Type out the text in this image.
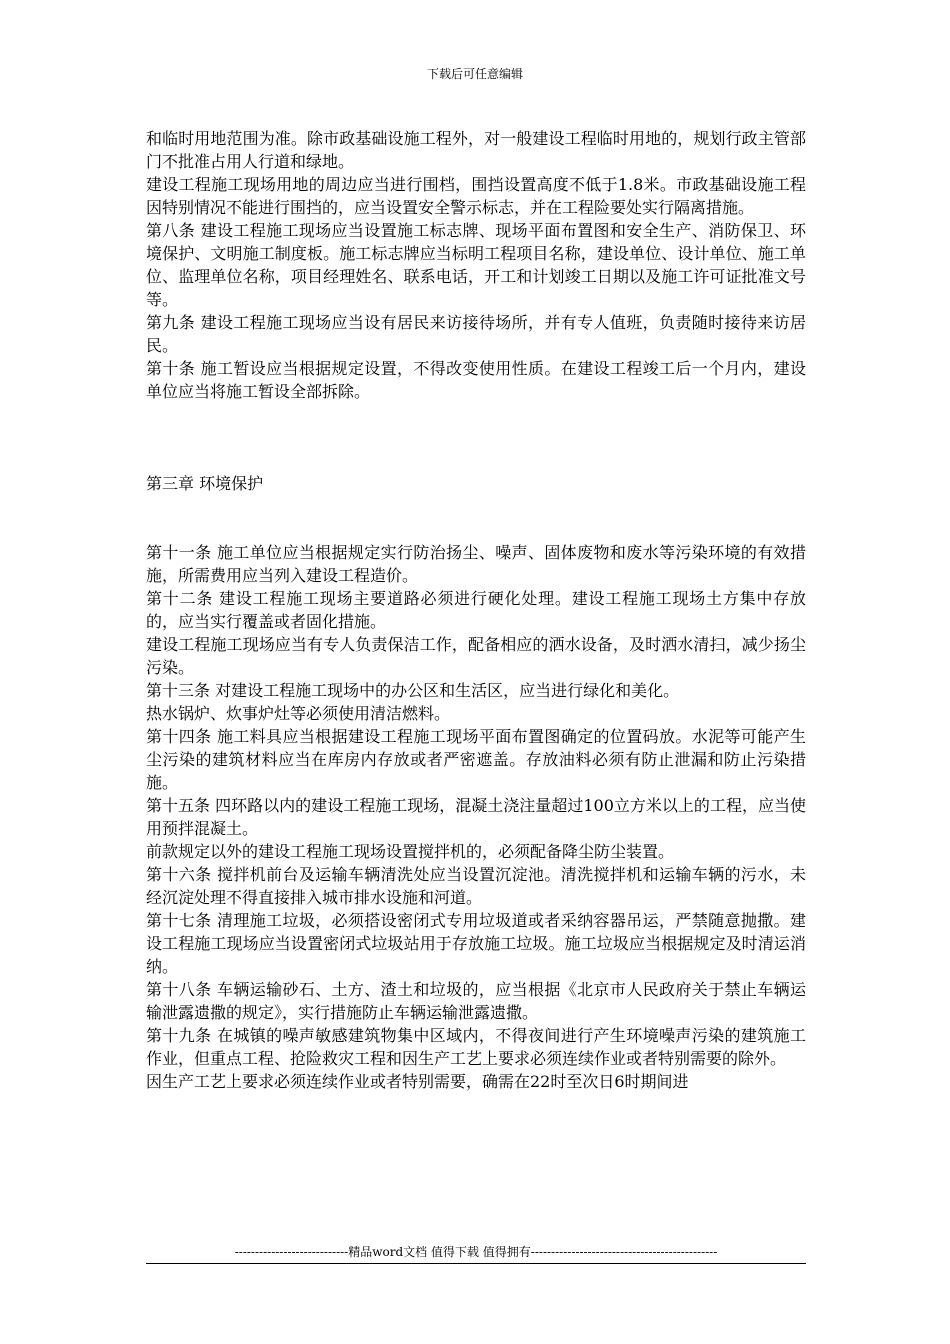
下载后可任意编辑

和临时用地范围为准。除市政基础设施工程外，对一般建设工程临时用地的，规划行政主管部门不批准占用人行道和绿地。

建设工程施工现场用地的周边应当进行围档，围挡设置高度不低于1.8米。市政基础设施工程因特别情况不能进行围挡的，应当设置安全警示标志，并在工程险要处实行隔离措施。

第八条 建设工程施工现场应当设置施工标志牌、现场平面布置图和安全生产、消防保卫、环境保护、文明施工制度板。施工标志牌应当标明工程项目名称，建设单位、设计单位、施工单位、监理单位名称，项目经理姓名、联系电话，开工和计划竣工日期以及施工许可证批准文号等。

第九条 建设工程施工现场应当设有居民来访接待场所，并有专人值班，负责随时接待来访居民。

第十条 施工暂设应当根据规定设置，不得改变使用性质。在建设工程竣工后一个月内，建设单位应当将施工暂设全部拆除。

第三章 环境保护

第十一条 施工单位应当根据规定实行防治扬尘、噪声、固体废物和废水等污染环境的有效措施，所需费用应当列入建设工程造价。

第十二条 建设工程施工现场主要道路必须进行硬化处理。建设工程施工现场土方集中存放的，应当实行覆盖或者固化措施。

建设工程施工现场应当有专人负责保洁工作，配备相应的洒水设备，及时洒水清扫，减少扬尘污染。

第十三条 对建设工程施工现场中的办公区和生活区，应当进行绿化和美化。

热水锅炉、炊事炉灶等必须使用清洁燃料。

第十四条 施工料具应当根据建设工程施工现场平面布置图确定的位置码放。水泥等可能产生尘污染的建筑材料应当在库房内存放或者严密遮盖。存放油料必须有防止泄漏和防止污染措施。

第十五条 四环路以内的建设工程施工现场，混凝土浇注量超过100立方米以上的工程，应当使用预拌混凝土。

前款规定以外的建设工程施工现场设置搅拌机的，必须配备降尘防尘装置。

第十六条 搅拌机前台及运输车辆清洗处应当设置沉淀池。清洗搅拌机和运输车辆的污水，未经沉淀处理不得直接排入城市排水设施和河道。

第十七条 清理施工垃圾，必须搭设密闭式专用垃圾道或者采纳容器吊运，严禁随意抛撒。建设工程施工现场应当设置密闭式垃圾站用于存放施工垃圾。施工垃圾应当根据规定及时清运消纳。

第十八条 车辆运输砂石、土方、渣土和垃圾的，应当根据《北京市人民政府关于禁止车辆运输泄露遗撒的规定》，实行措施防止车辆运输泄露遗撒。

第十九条 在城镇的噪声敏感建筑物集中区域内，不得夜间进行产生环境噪声污染的建筑施工作业，但重点工程、抢险救灾工程和因生产工艺上要求必须连续作业或者特别需要的除外。

因生产工艺上要求必须连续作业或者特别需要，确需在22时至次日6时期间进

----------------------------精品word文档 值得下载 值得拥有----------------------------------------------
